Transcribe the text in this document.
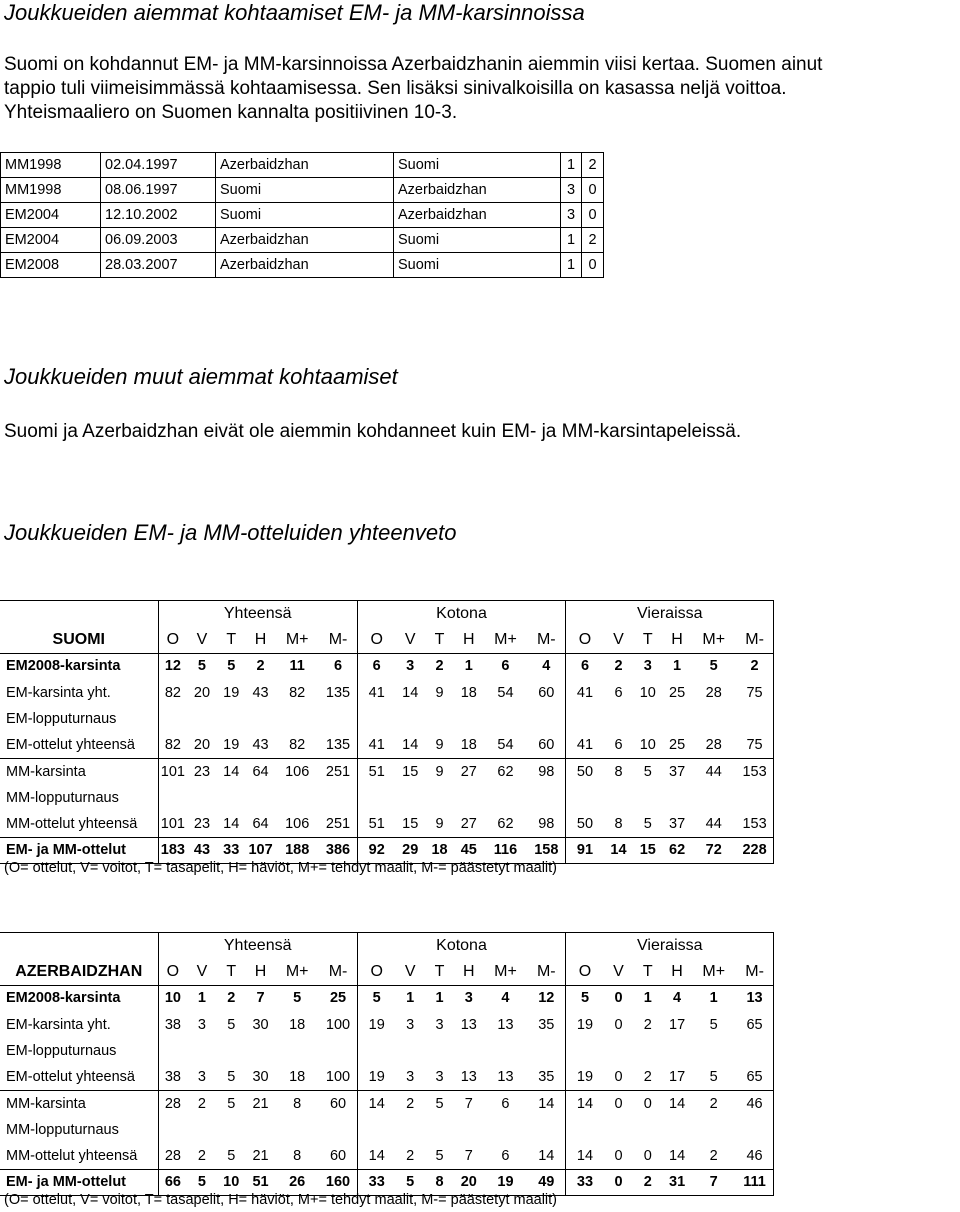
Joukkueiden aiemmat kohtaamiset EM- ja MM-karsinnoissa
Suomi on kohdannut EM- ja MM-karsinnoissa Azerbaidzhanin aiemmin viisi kertaa. Suomen ainut
tappio tuli viimeisimmässä kohtaamisessa. Sen lisäksi sinivalkoisilla on kasassa neljä voittoa.
Yhteismaaliero on Suomen kannalta positiivinen 10-3.
MM1998	02.04.1997	Azerbaidzhan	Suomi	1	2
MM1998	08.06.1997	Suomi	Azerbaidzhan	3	0
EM2004	12.10.2002	Suomi	Azerbaidzhan	3	0
EM2004	06.09.2003	Azerbaidzhan	Suomi	1	2
EM2008	28.03.2007	Azerbaidzhan	Suomi	1	0
Joukkueiden muut aiemmat kohtaamiset
Suomi ja Azerbaidzhan eivät ole aiemmin kohdanneet kuin EM- ja MM-karsintapeleissä.
Joukkueiden EM- ja MM-otteluiden yhteenveto
	Yhteensä						Kotona						Vieraissa					
SUOMI	O	V	T	H	M+	M-	O	V	T	H	M+	M-	O	V	T	H	M+	M-
EM2008-karsinta	12	5	5	2	11	6	6	3	2	1	6	4	6	2	3	1	5	2
EM-karsinta yht.	82	20	19	43	82	135	41	14	9	18	54	60	41	6	10	25	28	75
EM-lopputurnaus																		
EM-ottelut yhteensä	82	20	19	43	82	135	41	14	9	18	54	60	41	6	10	25	28	75
MM-karsinta	101	23	14	64	106	251	51	15	9	27	62	98	50	8	5	37	44	153
MM-lopputurnaus																		
MM-ottelut yhteensä	101	23	14	64	106	251	51	15	9	27	62	98	50	8	5	37	44	153
EM- ja MM-ottelut	183	43	33	107	188	386	92	29	18	45	116	158	91	14	15	62	72	228
(O= ottelut, V= voitot, T= tasapelit, H= häviöt, M+= tehdyt maalit, M-= päästetyt maalit)
	Yhteensä						Kotona						Vieraissa					
AZERBAIDZHAN	O	V	T	H	M+	M-	O	V	T	H	M+	M-	O	V	T	H	M+	M-
EM2008-karsinta	10	1	2	7	5	25	5	1	1	3	4	12	5	0	1	4	1	13
EM-karsinta yht.	38	3	5	30	18	100	19	3	3	13	13	35	19	0	2	17	5	65
EM-lopputurnaus																		
EM-ottelut yhteensä	38	3	5	30	18	100	19	3	3	13	13	35	19	0	2	17	5	65
MM-karsinta	28	2	5	21	8	60	14	2	5	7	6	14	14	0	0	14	2	46
MM-lopputurnaus																		
MM-ottelut yhteensä	28	2	5	21	8	60	14	2	5	7	6	14	14	0	0	14	2	46
EM- ja MM-ottelut	66	5	10	51	26	160	33	5	8	20	19	49	33	0	2	31	7	111
(O= ottelut, V= voitot, T= tasapelit, H= häviöt, M+= tehdyt maalit, M-= päästetyt maalit)
